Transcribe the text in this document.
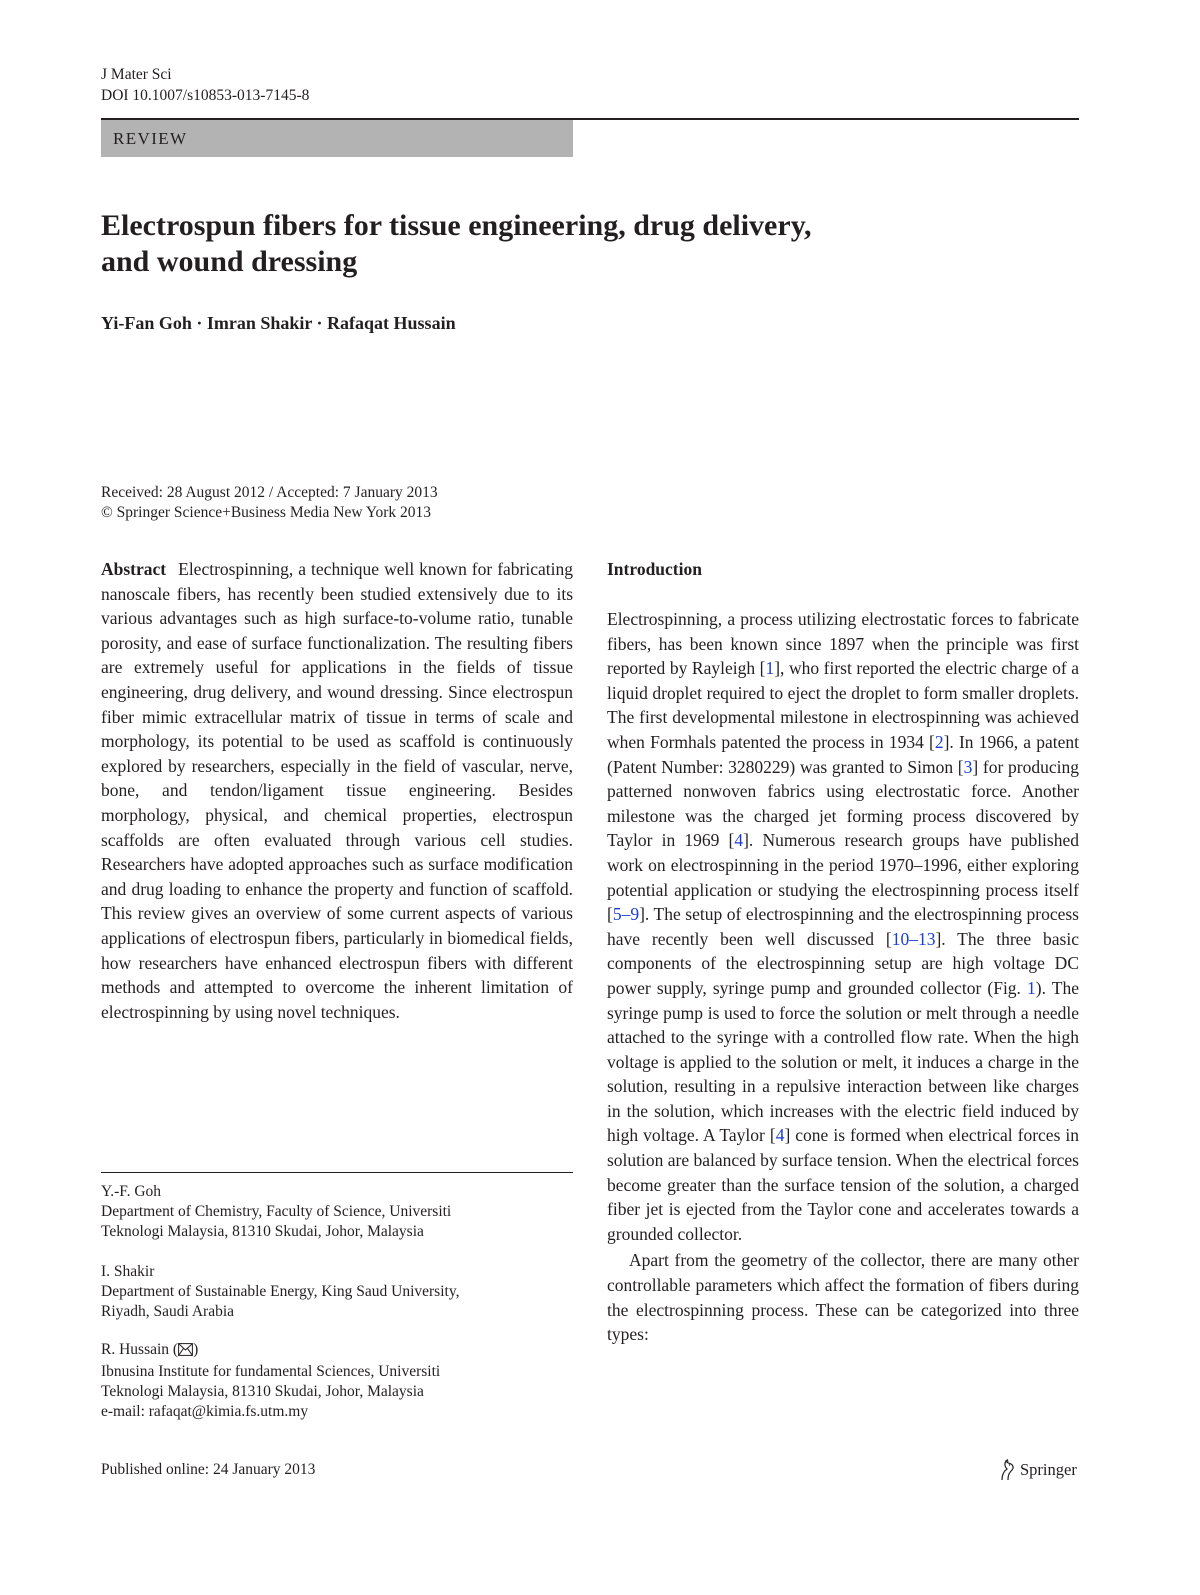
J Mater Sci
DOI 10.1007/s10853-013-7145-8
REVIEW
Electrospun fibers for tissue engineering, drug delivery,
and wound dressing
Yi-Fan Goh · Imran Shakir · Rafaqat Hussain
Received: 28 August 2012 / Accepted: 7 January 2013
© Springer Science+Business Media New York 2013

Abstract Electrospinning, a technique well known for fabricating nanoscale fibers, has recently been studied extensively due to its various advantages such as high surface-to-volume ratio, tunable porosity, and ease of surface functionalization. The resulting fibers are extremely useful for applications in the fields of tissue engineering, drug delivery, and wound dressing. Since electrospun fiber mimic extracellular matrix of tissue in terms of scale and morphology, its potential to be used as scaffold is continuously explored by researchers, especially in the field of vascular, nerve, bone, and tendon/ligament tissue engineering. Besides morphology, physical, and chemical properties, electrospun scaffolds are often evaluated through various cell studies. Researchers have adopted approaches such as surface modification and drug loading to enhance the property and function of scaffold. This review gives an overview of some current aspects of various applications of electrospun fibers, particularly in biomedical fields, how researchers have enhanced electrospun fibers with different methods and attempted to overcome the inherent limitation of electrospinning by using novel techniques.

Y.-F. Goh
Department of Chemistry, Faculty of Science, Universiti
Teknologi Malaysia, 81310 Skudai, Johor, Malaysia
I. Shakir
Department of Sustainable Energy, King Saud University,
Riyadh, Saudi Arabia
R. Hussain ( )
Ibnusina Institute for fundamental Sciences, Universiti
Teknologi Malaysia, 81310 Skudai, Johor, Malaysia
e-mail: rafaqat@kimia.fs.utm.my
Introduction

Electrospinning, a process utilizing electrostatic forces to fabricate fibers, has been known since 1897 when the principle was first reported by Rayleigh [1], who first reported the electric charge of a liquid droplet required to eject the droplet to form smaller droplets. The first developmental milestone in electrospinning was achieved when Formhals patented the process in 1934 [2]. In 1966, a patent (Patent Number: 3280229) was granted to Simon [3] for producing patterned nonwoven fabrics using electrostatic force. Another milestone was the charged jet forming process discovered by Taylor in 1969 [4]. Numerous research groups have published work on electrospinning in the period 1970–1996, either exploring potential application or studying the electrospinning process itself [5–9]. The setup of electrospinning and the electrospinning process have recently been well discussed [10–13]. The three basic components of the electrospinning setup are high voltage DC power supply, syringe pump and grounded collector (Fig. 1). The syringe pump is used to force the solution or melt through a needle attached to the syringe with a controlled flow rate. When the high voltage is applied to the solution or melt, it induces a charge in the solution, resulting in a repulsive interaction between like charges in the solution, which increases with the electric field induced by high voltage. A Taylor [4] cone is formed when electrical forces in solution are balanced by surface tension. When the electrical forces become greater than the surface tension of the solution, a charged fiber jet is ejected from the Taylor cone and accelerates towards a grounded collector.

Apart from the geometry of the collector, there are many other controllable parameters which affect the formation of fibers during the electrospinning process. These can be categorized into three types:

Published online: 24 January 2013	Springer
